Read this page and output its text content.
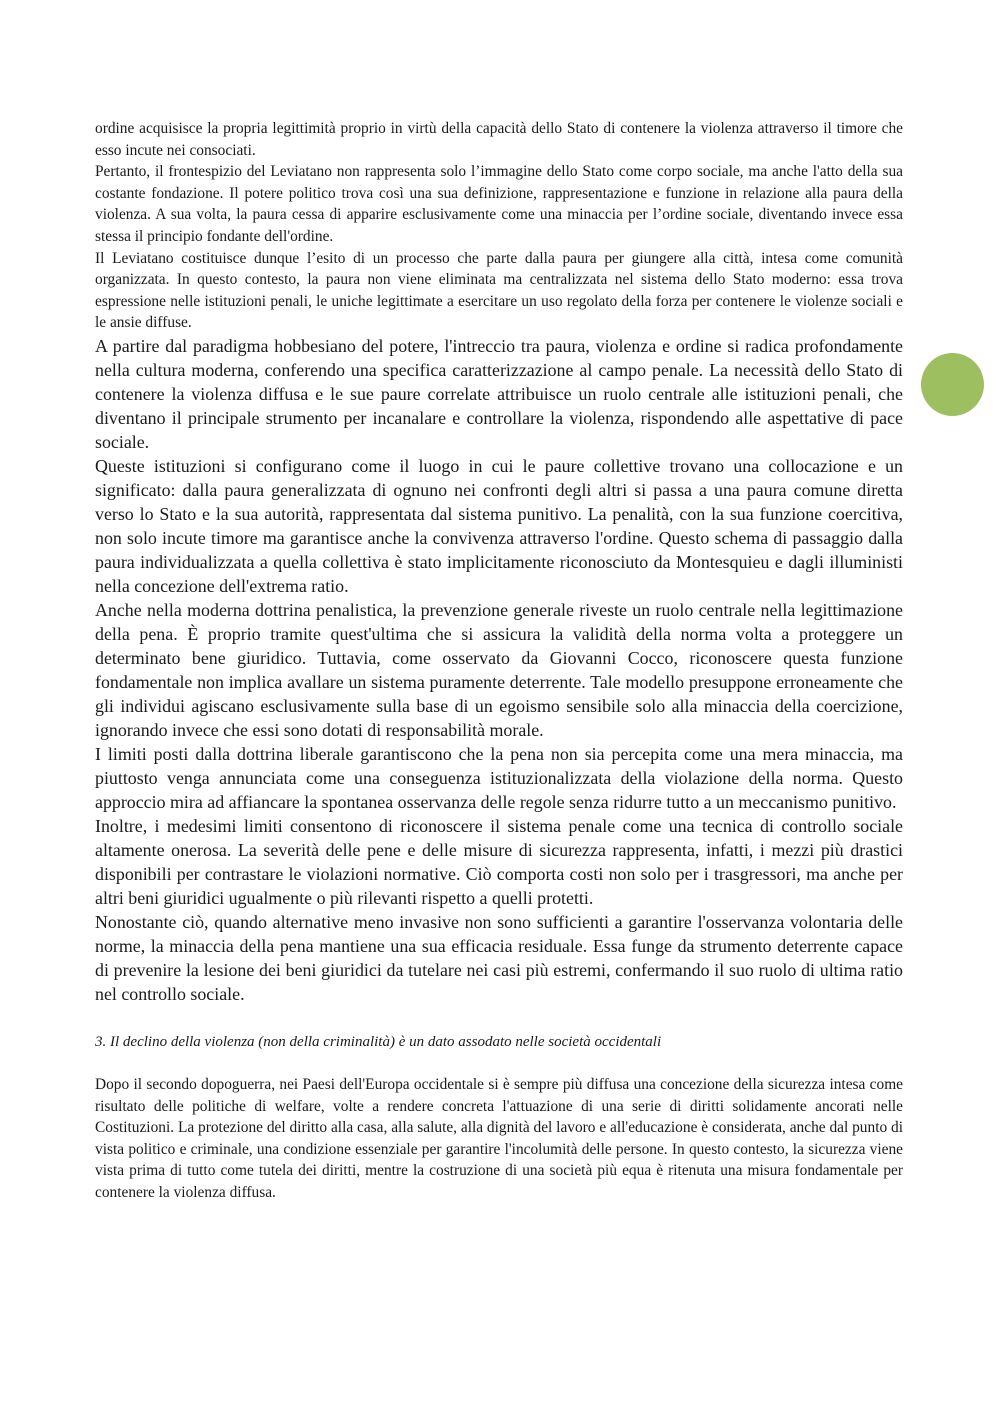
ordine acquisisce la propria legittimità proprio in virtù della capacità dello Stato di contenere la violenza attraverso il timore che esso incute nei consociati.

Pertanto, il frontespizio del Leviatano non rappresenta solo l’immagine dello Stato come corpo sociale, ma anche l'atto della sua costante fondazione. Il potere politico trova così una sua definizione, rappresentazione e funzione in relazione alla paura della violenza. A sua volta, la paura cessa di apparire esclusivamente come una minaccia per l’ordine sociale, diventando invece essa stessa il principio fondante dell'ordine.

Il Leviatano costituisce dunque l’esito di un processo che parte dalla paura per giungere alla città, intesa come comunità organizzata. In questo contesto, la paura non viene eliminata ma centralizzata nel sistema dello Stato moderno: essa trova espressione nelle istituzioni penali, le uniche legittimate a esercitare un uso regolato della forza per contenere le violenze sociali e le ansie diffuse.

A partire dal paradigma hobbesiano del potere, l'intreccio tra paura, violenza e ordine si radica profondamente nella cultura moderna, conferendo una specifica caratterizzazione al campo penale. La necessità dello Stato di contenere la violenza diffusa e le sue paure correlate attribuisce un ruolo centrale alle istituzioni penali, che diventano il principale strumento per incanalare e controllare la violenza, rispondendo alle aspettative di pace sociale.

Queste istituzioni si configurano come il luogo in cui le paure collettive trovano una collocazione e un significato: dalla paura generalizzata di ognuno nei confronti degli altri si passa a una paura comune diretta verso lo Stato e la sua autorità, rappresentata dal sistema punitivo. La penalità, con la sua funzione coercitiva, non solo incute timore ma garantisce anche la convivenza attraverso l'ordine. Questo schema di passaggio dalla paura individualizzata a quella collettiva è stato implicitamente riconosciuto da Montesquieu e dagli illuministi nella concezione dell'extrema ratio.

Anche nella moderna dottrina penalistica, la prevenzione generale riveste un ruolo centrale nella legittimazione della pena. È proprio tramite quest'ultima che si assicura la validità della norma volta a proteggere un determinato bene giuridico. Tuttavia, come osservato da Giovanni Cocco, riconoscere questa funzione fondamentale non implica avallare un sistema puramente deterrente. Tale modello presuppone erroneamente che gli individui agiscano esclusivamente sulla base di un egoismo sensibile solo alla minaccia della coercizione, ignorando invece che essi sono dotati di responsabilità morale.

I limiti posti dalla dottrina liberale garantiscono che la pena non sia percepita come una mera minaccia, ma piuttosto venga annunciata come una conseguenza istituzionalizzata della violazione della norma. Questo approccio mira ad affiancare la spontanea osservanza delle regole senza ridurre tutto a un meccanismo punitivo.

Inoltre, i medesimi limiti consentono di riconoscere il sistema penale come una tecnica di controllo sociale altamente onerosa. La severità delle pene e delle misure di sicurezza rappresenta, infatti, i mezzi più drastici disponibili per contrastare le violazioni normative. Ciò comporta costi non solo per i trasgressori, ma anche per altri beni giuridici ugualmente o più rilevanti rispetto a quelli protetti.

Nonostante ciò, quando alternative meno invasive non sono sufficienti a garantire l'osservanza volontaria delle norme, la minaccia della pena mantiene una sua efficacia residuale. Essa funge da strumento deterrente capace di prevenire la lesione dei beni giuridici da tutelare nei casi più estremi, confermando il suo ruolo di ultima ratio nel controllo sociale.

3. Il declino della violenza (non della criminalità) è un dato assodato nelle società occidentali

Dopo il secondo dopoguerra, nei Paesi dell'Europa occidentale si è sempre più diffusa una concezione della sicurezza intesa come risultato delle politiche di welfare, volte a rendere concreta l'attuazione di una serie di diritti solidamente ancorati nelle Costituzioni. La protezione del diritto alla casa, alla salute, alla dignità del lavoro e all'educazione è considerata, anche dal punto di vista politico e criminale, una condizione essenziale per garantire l'incolumità delle persone. In questo contesto, la sicurezza viene vista prima di tutto come tutela dei diritti, mentre la costruzione di una società più equa è ritenuta una misura fondamentale per contenere la violenza diffusa.
